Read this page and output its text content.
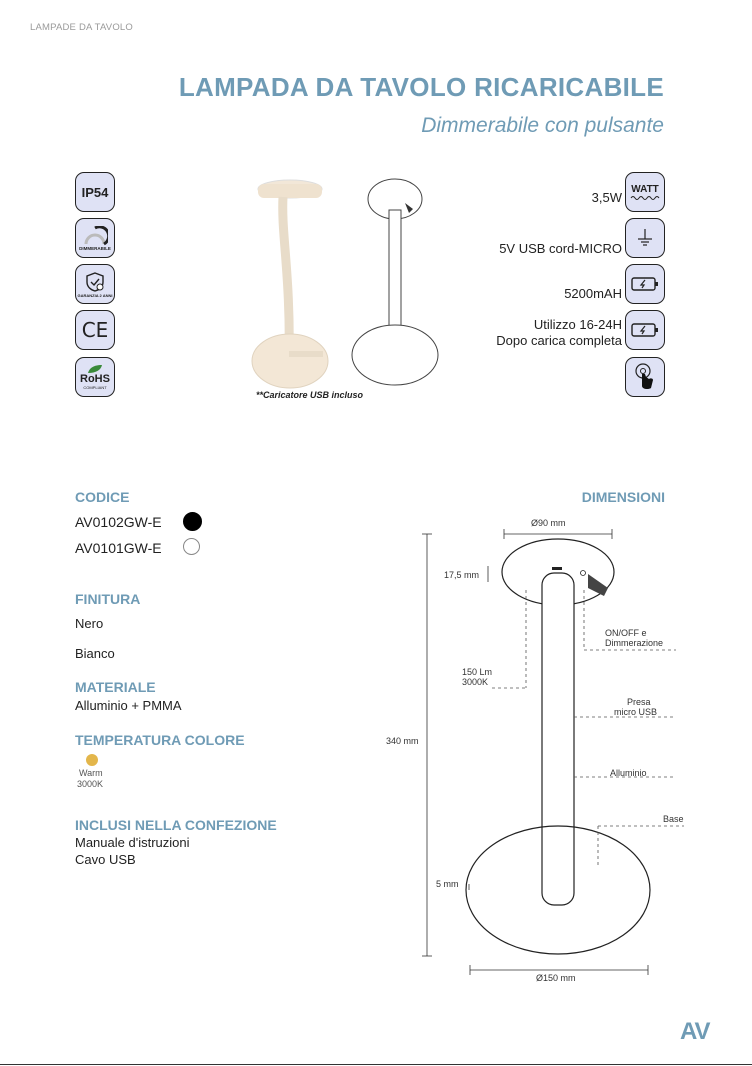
LAMPADE DA TAVOLO
LAMPADA DA TAVOLO RICARICABILE
Dimmerabile con pulsante
IP54
DIMMERABILE
GARANZIA 2 ANNI
CE
RoHS
COMPLIANT
**Caricatore USB incluso
3,5W
WATT
5V USB cord-MICRO
5200mAH
Utilizzo 16-24H
Dopo carica completa
CODICE
AV0102GW-E
AV0101GW-E
FINITURA
Nero
Bianco
MATERIALE
Alluminio + PMMA
TEMPERATURA COLORE
Warm
3000K
INCLUSI NELLA CONFEZIONE
Manuale d'istruzioni
Cavo USB
DIMENSIONI
Ø90 mm
17,5 mm
340 mm
5 mm
Ø150 mm
ON/OFF e
Dimmerazione
150 Lm
3000K
Presa
micro USB
Alluminio
Base
AV
